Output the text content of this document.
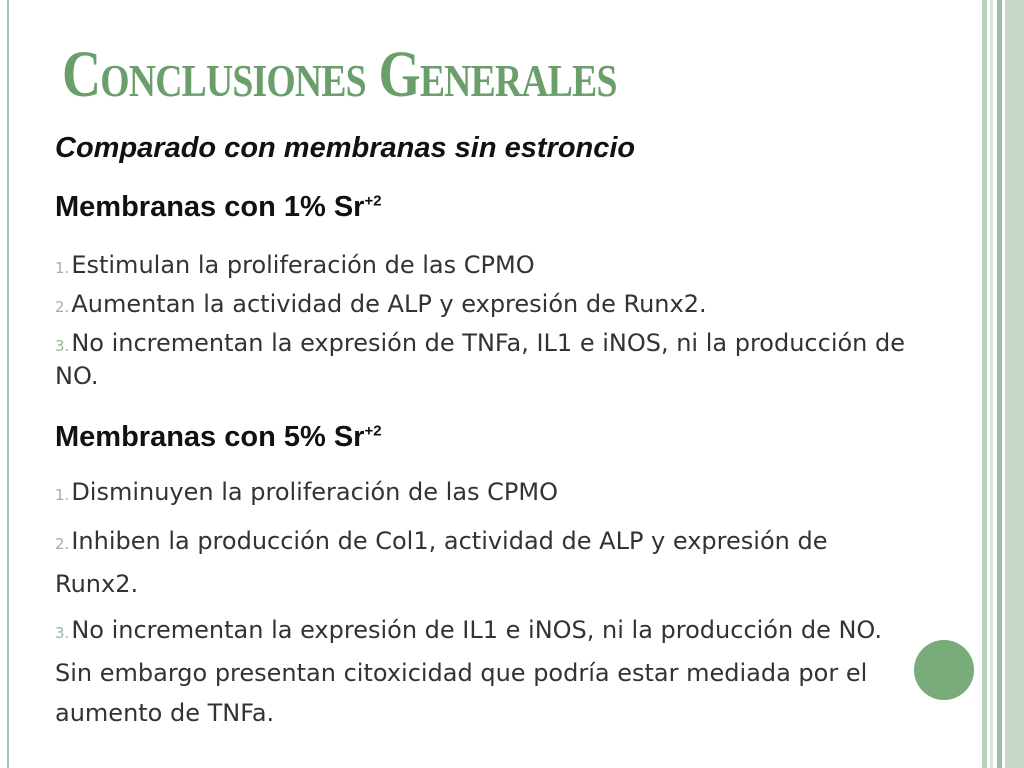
Conclusiones Generales
Comparado con membranas sin estroncio
Membranas con 1% $Sr^{+2}$
1.Estimulan la proliferación de las CPMO
2.Aumentan la actividad de ALP y expresión de Runx2.
3.No incrementan la expresión de TNFa, IL1 e iNOS, ni la producción de NO.
Membranas con 5% $Sr^{+2}$
1.Disminuyen la proliferación de las CPMO
2.Inhiben la producción de Col1, actividad de ALP y expresión de Runx2.
3.No incrementan la expresión de IL1 e iNOS, ni la producción de NO. Sin embargo presentan citoxicidad que podría estar mediada por el aumento de TNFa.
